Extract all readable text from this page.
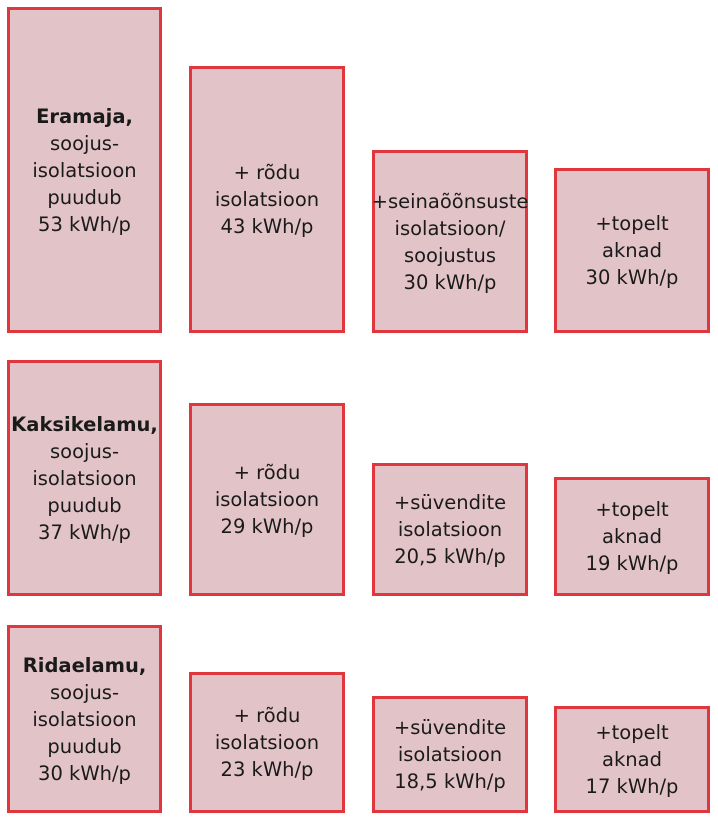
Eramaja,
soojus-
isolatsioon
puudub
53 kWh/p
+ rõdu
isolatsioon
43 kWh/p
+seinaõõnsuste
isolatsioon/
soojustus
30 kWh/p
+topelt
aknad
30 kWh/p
Kaksikelamu,
soojus-
isolatsioon
puudub
37 kWh/p
+ rõdu
isolatsioon
29 kWh/p
+süvendite
isolatsioon
20,5 kWh/p
+topelt
aknad
19 kWh/p
Ridaelamu,
soojus-
isolatsioon
puudub
30 kWh/p
+ rõdu
isolatsioon
23 kWh/p
+süvendite
isolatsioon
18,5 kWh/p
+topelt
aknad
17 kWh/p
